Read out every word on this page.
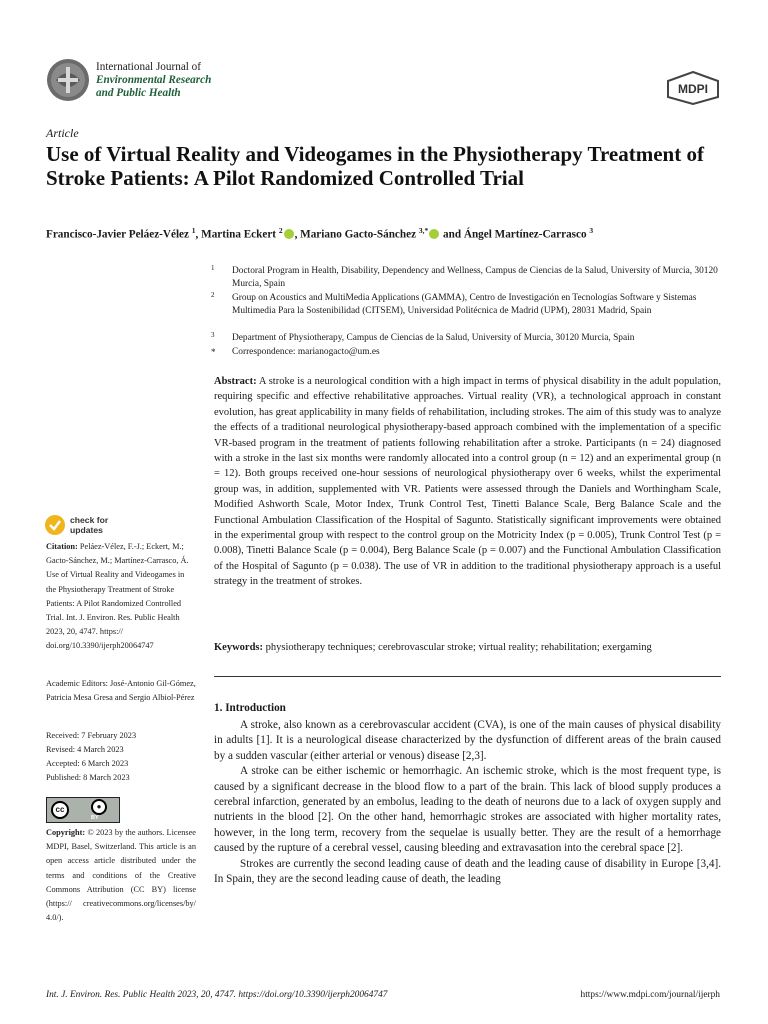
International Journal of
Environmental Research
and Public Health	MDPI
Article
Use of Virtual Reality and Videogames in the Physiotherapy Treatment of Stroke Patients: A Pilot Randomized Controlled Trial
Francisco-Javier Peláez-Vélez $^1$, Martina Eckert $^2$ , Mariano Gacto-Sánchez $^{3,*}$ and Ángel Martínez-Carrasco $^3$
1 Doctoral Program in Health, Disability, Dependency and Wellness, Campus de Ciencias de la Salud, University of Murcia, 30120 Murcia, Spain
2 Group on Acoustics and MultiMedia Applications (GAMMA), Centro de Investigación en Tecnologías Software y Sistemas Multimedia Para la Sostenibilidad (CITSEM), Universidad Politécnica de Madrid (UPM), 28031 Madrid, Spain
3 Department of Physiotherapy, Campus de Ciencias de la Salud, University of Murcia, 30120 Murcia, Spain
* Correspondence: marianogacto@um.es
Abstract: A stroke is a neurological condition with a high impact in terms of physical disability in the adult population, requiring specific and effective rehabilitative approaches. Virtual reality (VR), a technological approach in constant evolution, has great applicability in many fields of rehabilitation, including strokes. The aim of this study was to analyze the effects of a traditional neurological physiotherapy-based approach combined with the implementation of a specific VR-based program in the treatment of patients following rehabilitation after a stroke. Participants (n = 24) diagnosed with a stroke in the last six months were randomly allocated into a control group (n = 12) and an experimental group (n = 12). Both groups received one-hour sessions of neurological physiotherapy over 6 weeks, whilst the experimental group was, in addition, supplemented with VR. Patients were assessed through the Daniels and Worthingham Scale, Modified Ashworth Scale, Motor Index, Trunk Control Test, Tinetti Balance Scale, Berg Balance Scale and the Functional Ambulation Classification of the Hospital of Sagunto. Statistically significant improvements were obtained in the experimental group with respect to the control group on the Motricity Index (p = 0.005), Trunk Control Test (p = 0.008), Tinetti Balance Scale (p = 0.004), Berg Balance Scale (p = 0.007) and the Functional Ambulation Classification of the Hospital of Sagunto (p = 0.038). The use of VR in addition to the traditional physiotherapy approach is a useful strategy in the treatment of strokes.
Keywords: physiotherapy techniques; cerebrovascular stroke; virtual reality; rehabilitation; exergaming
check for
updates
Citation: Peláez-Vélez, F.-J.; Eckert, M.; Gacto-Sánchez, M.; Martínez-Carrasco, Á. Use of Virtual Reality and Videogames in the Physiotherapy Treatment of Stroke Patients: A Pilot Randomized Controlled Trial. Int. J. Environ. Res. Public Health 2023, 20, 4747. https:// doi.org/10.3390/ijerph20064747
Academic Editors: José-Antonio Gil-Gómez, Patricia Mesa Gresa and Sergio Albiol-Pérez
Received: 7 February 2023
Revised: 4 March 2023
Accepted: 6 March 2023
Published: 8 March 2023
cc	●
BY
Copyright: © 2023 by the authors. Licensee MDPI, Basel, Switzerland. This article is an open access article distributed under the terms and conditions of the Creative Commons Attribution (CC BY) license (https:// creativecommons.org/licenses/by/ 4.0/).
1. Introduction

A stroke, also known as a cerebrovascular accident (CVA), is one of the main causes of physical disability in adults [1]. It is a neurological disease characterized by the dysfunction of different areas of the brain caused by a sudden vascular (either arterial or venous) disease [2,3].

A stroke can be either ischemic or hemorrhagic. An ischemic stroke, which is the most frequent type, is caused by a significant decrease in the blood flow to a part of the brain. This lack of blood supply produces a cerebral infarction, generated by an embolus, leading to the death of neurons due to a lack of oxygen supply and nutrients in the blood [2]. On the other hand, hemorrhagic strokes are associated with higher mortality rates, however, in the long term, recovery from the sequelae is usually better. They are the result of a hemorrhage caused by the rupture of a cerebral vessel, causing bleeding and extravasation into the cerebral space [2].

Strokes are currently the second leading cause of death and the leading cause of disability in Europe [3,4]. In Spain, they are the second leading cause of death, the leading

Int. J. Environ. Res. Public Health 2023, 20, 4747. https://doi.org/10.3390/ijerph20064747	https://www.mdpi.com/journal/ijerph
